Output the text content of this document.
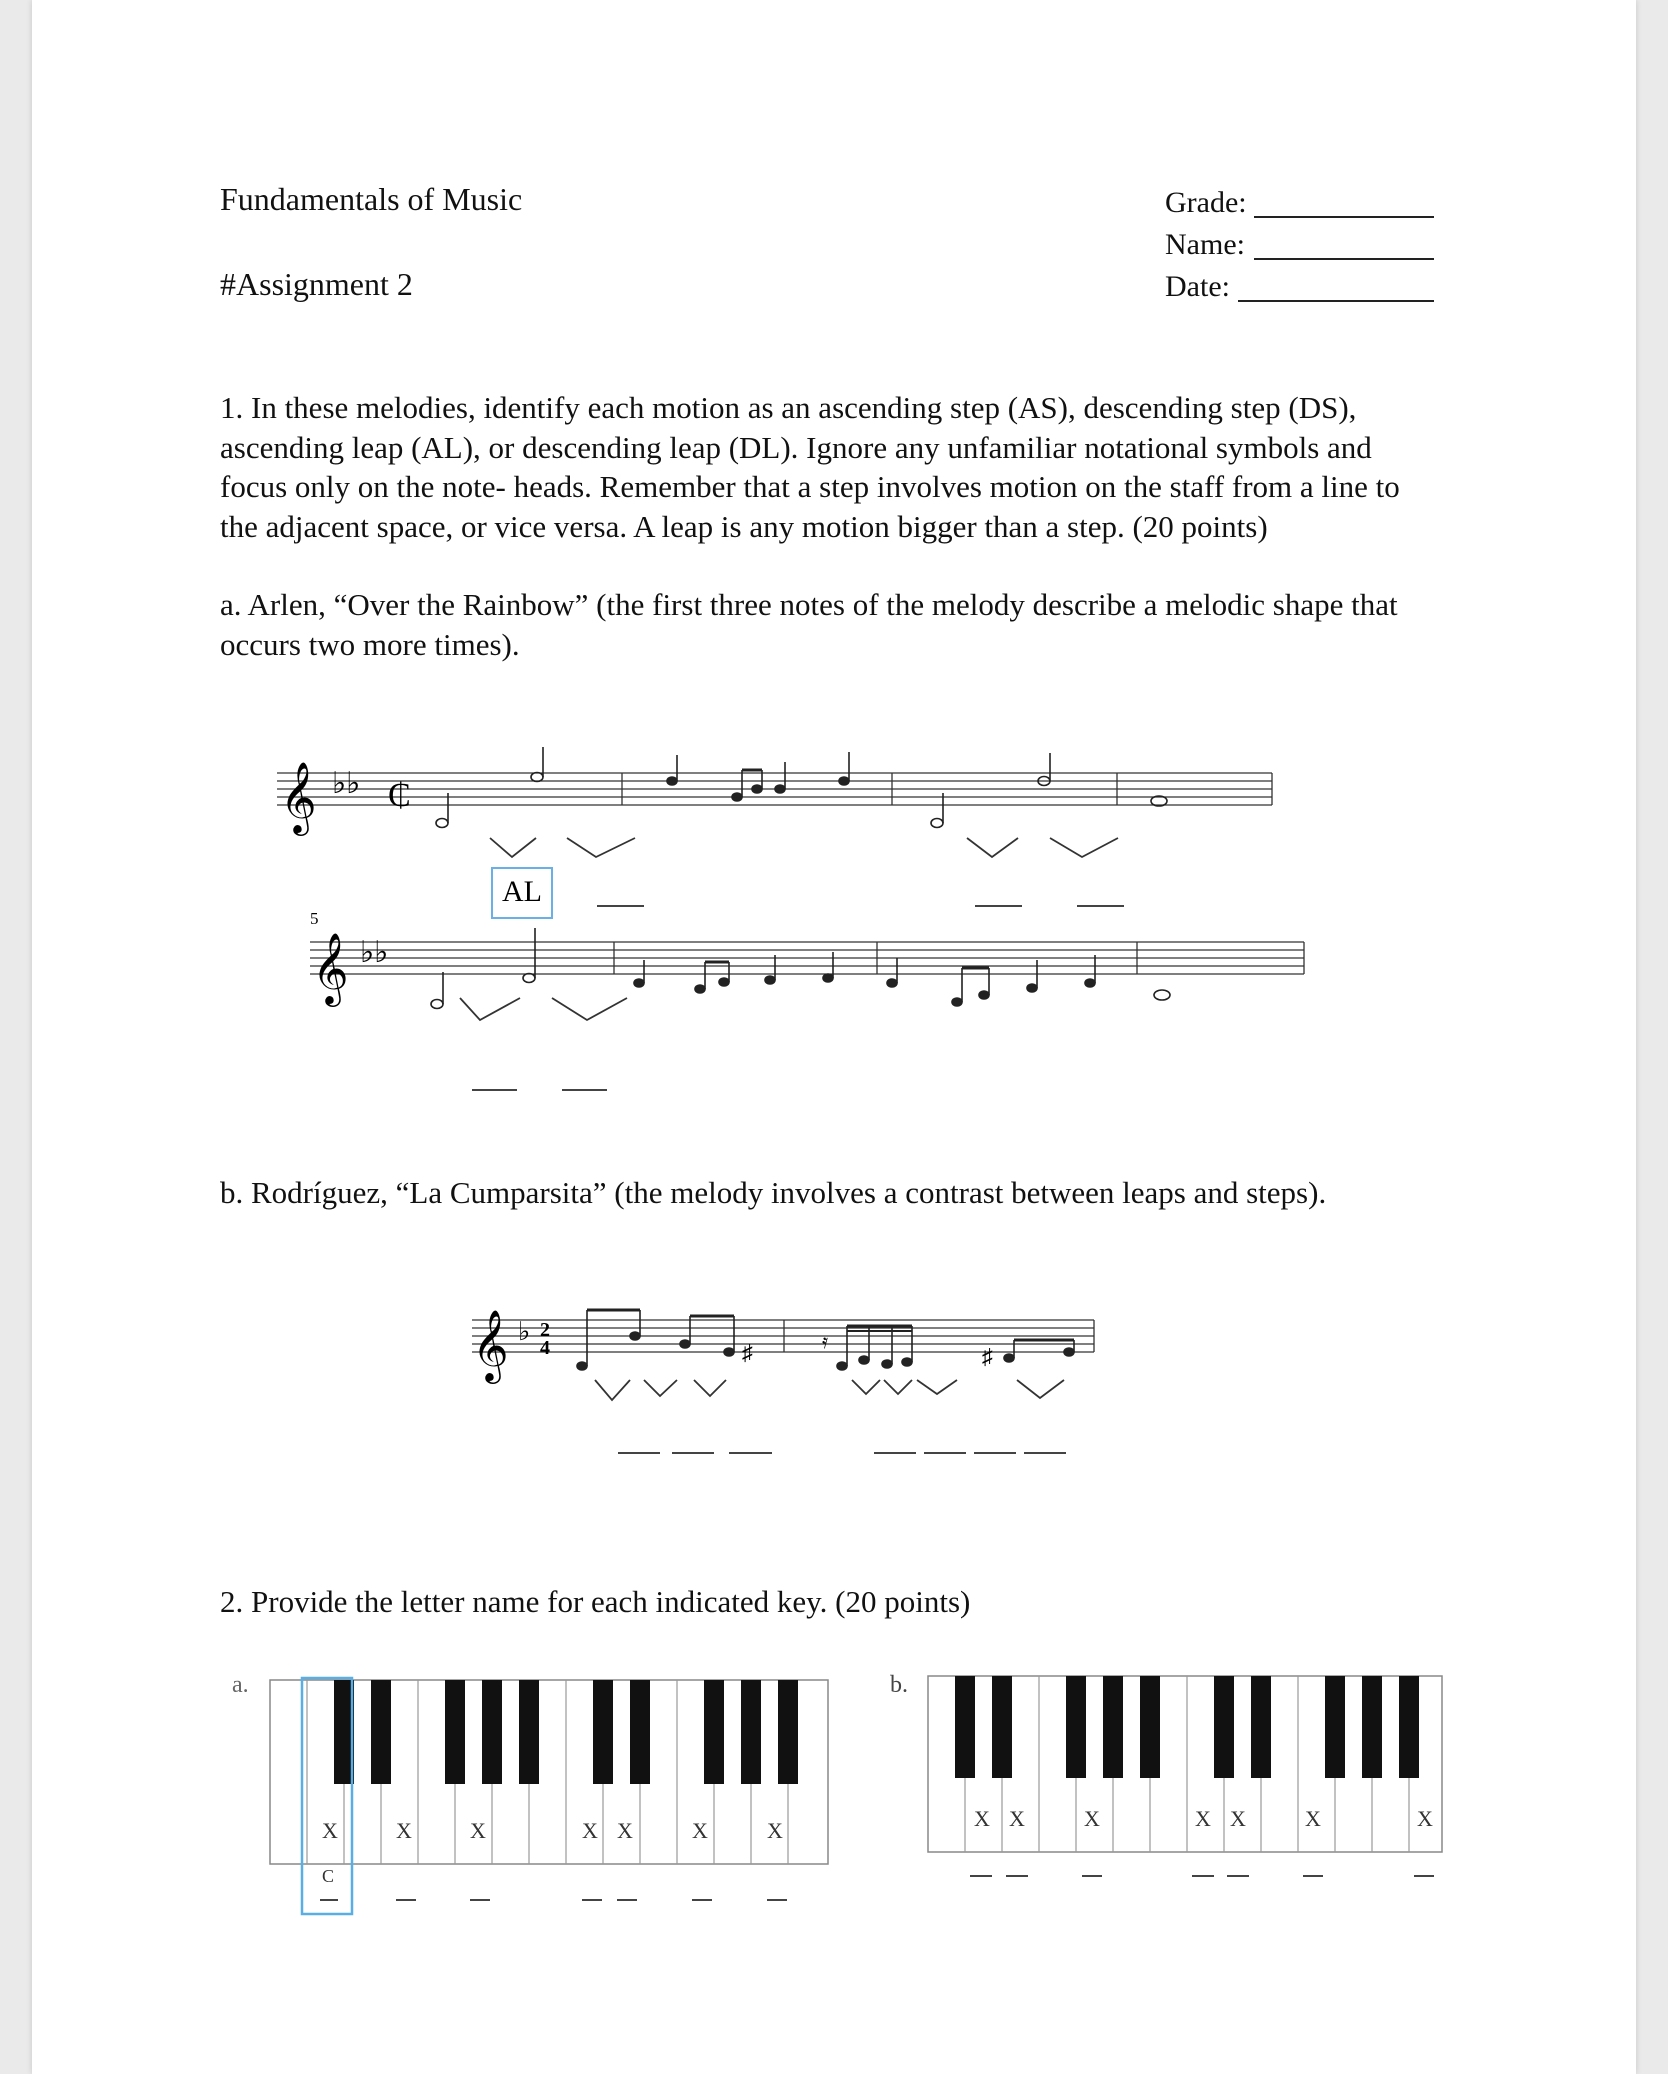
Fundamentals of Music
#Assignment 2
Grade:
Name:
Date:
1. In these melodies, identify each motion as an ascending step (AS), descending step (DS),
ascending leap (AL), or descending leap (DL). Ignore any unfamiliar notational symbols and
focus only on the note- heads. Remember that a step involves motion on the staff from a line to
the adjacent space, or vice versa. A leap is any motion bigger than a step. (20 points)
a. Arlen, “Over the Rainbow” (the first three notes of the melody describe a melodic shape that
occurs two more times).
𝄞 ♭♭ ₵
AL
5
𝄞 ♭♭
b. Rodríguez, “La Cumparsita” (the melody involves a contrast between leaps and steps).
𝄞 ♭ 2
4	♯	♯
𝄿
2. Provide the letter name for each indicated key. (20 points)
a.
X	X	X	X X	X	X
C
b.
X X	X	X X	X	X
